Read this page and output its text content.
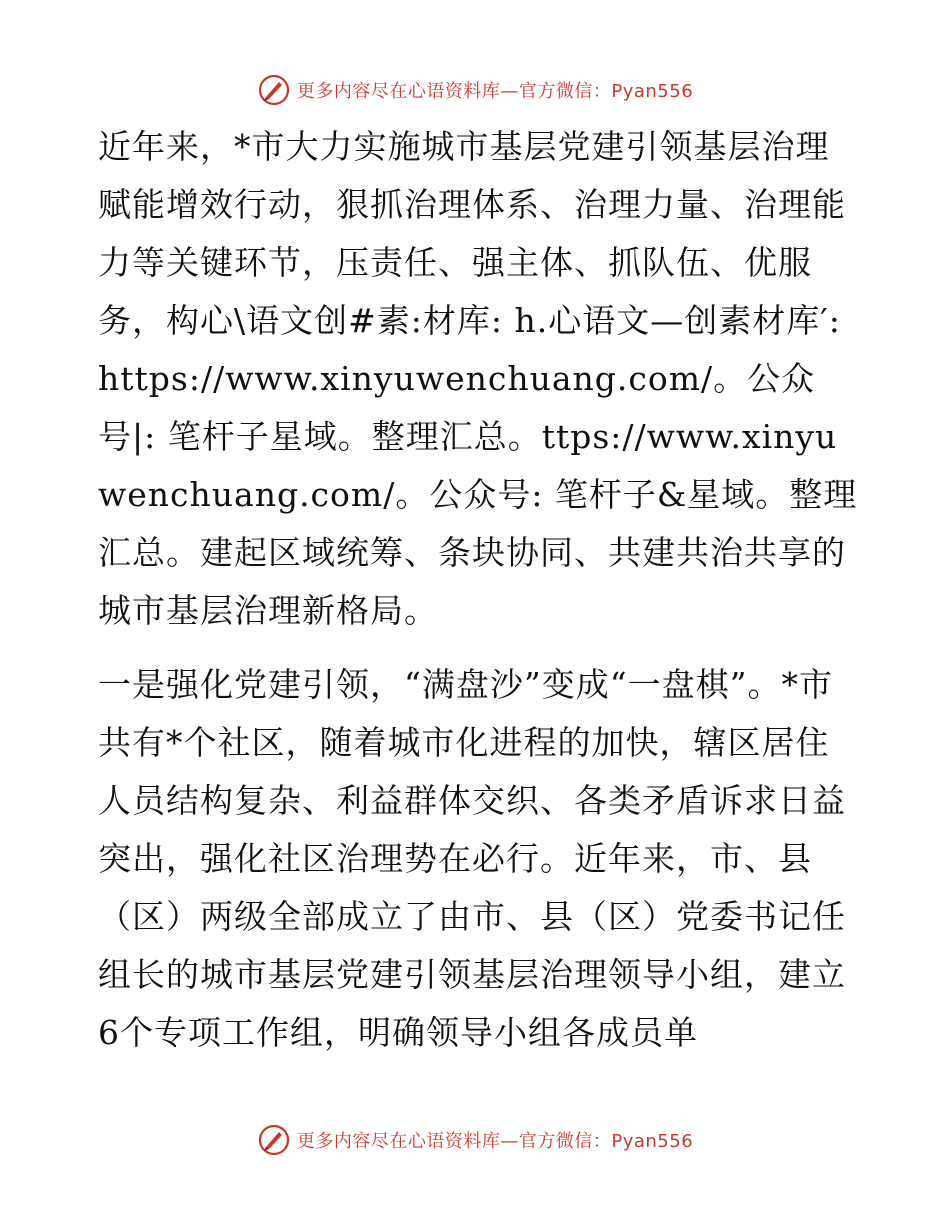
更多内容尽在心语资料库—官方微信：Pyan556

近年来，*市大力实施城市基层党建引领基层治理赋能增效行动，狠抓治理体系、治理力量、治理能力等关键环节，压责任、强主体、抓队伍、优服务，构心\语文创#素:材库: h.心语文—创素材库′: https://www.xinyuwenchuang.com/。公众号|: 笔杆子星域。整理汇总。ttps://www.xinyuwenchuang.com/。公众号: 笔杆子&星域。整理汇总。建起区域统筹、条块协同、共建共治共享的城市基层治理新格局。

一是强化党建引领，“满盘沙”变成“一盘棋”。*市共有*个社区，随着城市化进程的加快，辖区居住人员结构复杂、利益群体交织、各类矛盾诉求日益突出，强化社区治理势在必行。近年来，市、县（区）两级全部成立了由市、县（区）党委书记任组长的城市基层党建引领基层治理领导小组，建立6个专项工作组，明确领导小组各成员单

更多内容尽在心语资料库—官方微信：Pyan556
